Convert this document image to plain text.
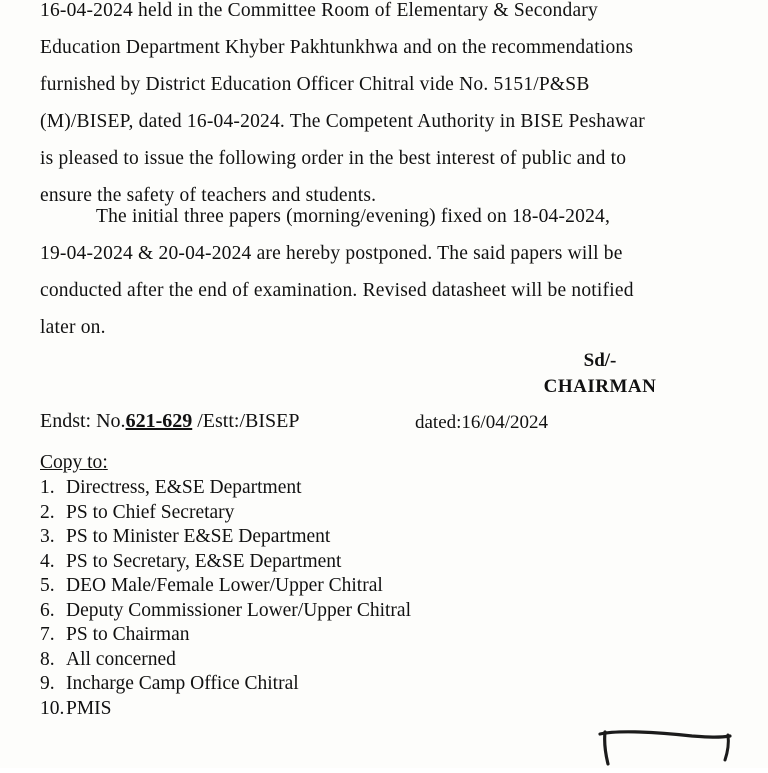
16-04-2024 held in the Committee Room of Elementary & Secondary
Education Department Khyber Pakhtunkhwa and on the recommendations
furnished by District Education Officer Chitral vide No. 5151/P&SB
(M)/BISEP, dated 16-04-2024. The Competent Authority in BISE Peshawar
is pleased to issue the following order in the best interest of public and to
ensure the safety of teachers and students.
The initial three papers (morning/evening) fixed on 18-04-2024,
19-04-2024 & 20-04-2024 are hereby postponed. The said papers will be
conducted after the end of examination. Revised datasheet will be notified
later on.
Sd/-
CHAIRMAN
Endst: No.621-629 /Estt:/BISEP	dated:16/04/2024
Copy to:
1. Directress, E&SE Department
2. PS to Chief Secretary
3. PS to Minister E&SE Department
4. PS to Secretary, E&SE Department
5. DEO Male/Female Lower/Upper Chitral
6. Deputy Commissioner Lower/Upper Chitral
7. PS to Chairman
8. All concerned
9. Incharge Camp Office Chitral
10. PMIS
